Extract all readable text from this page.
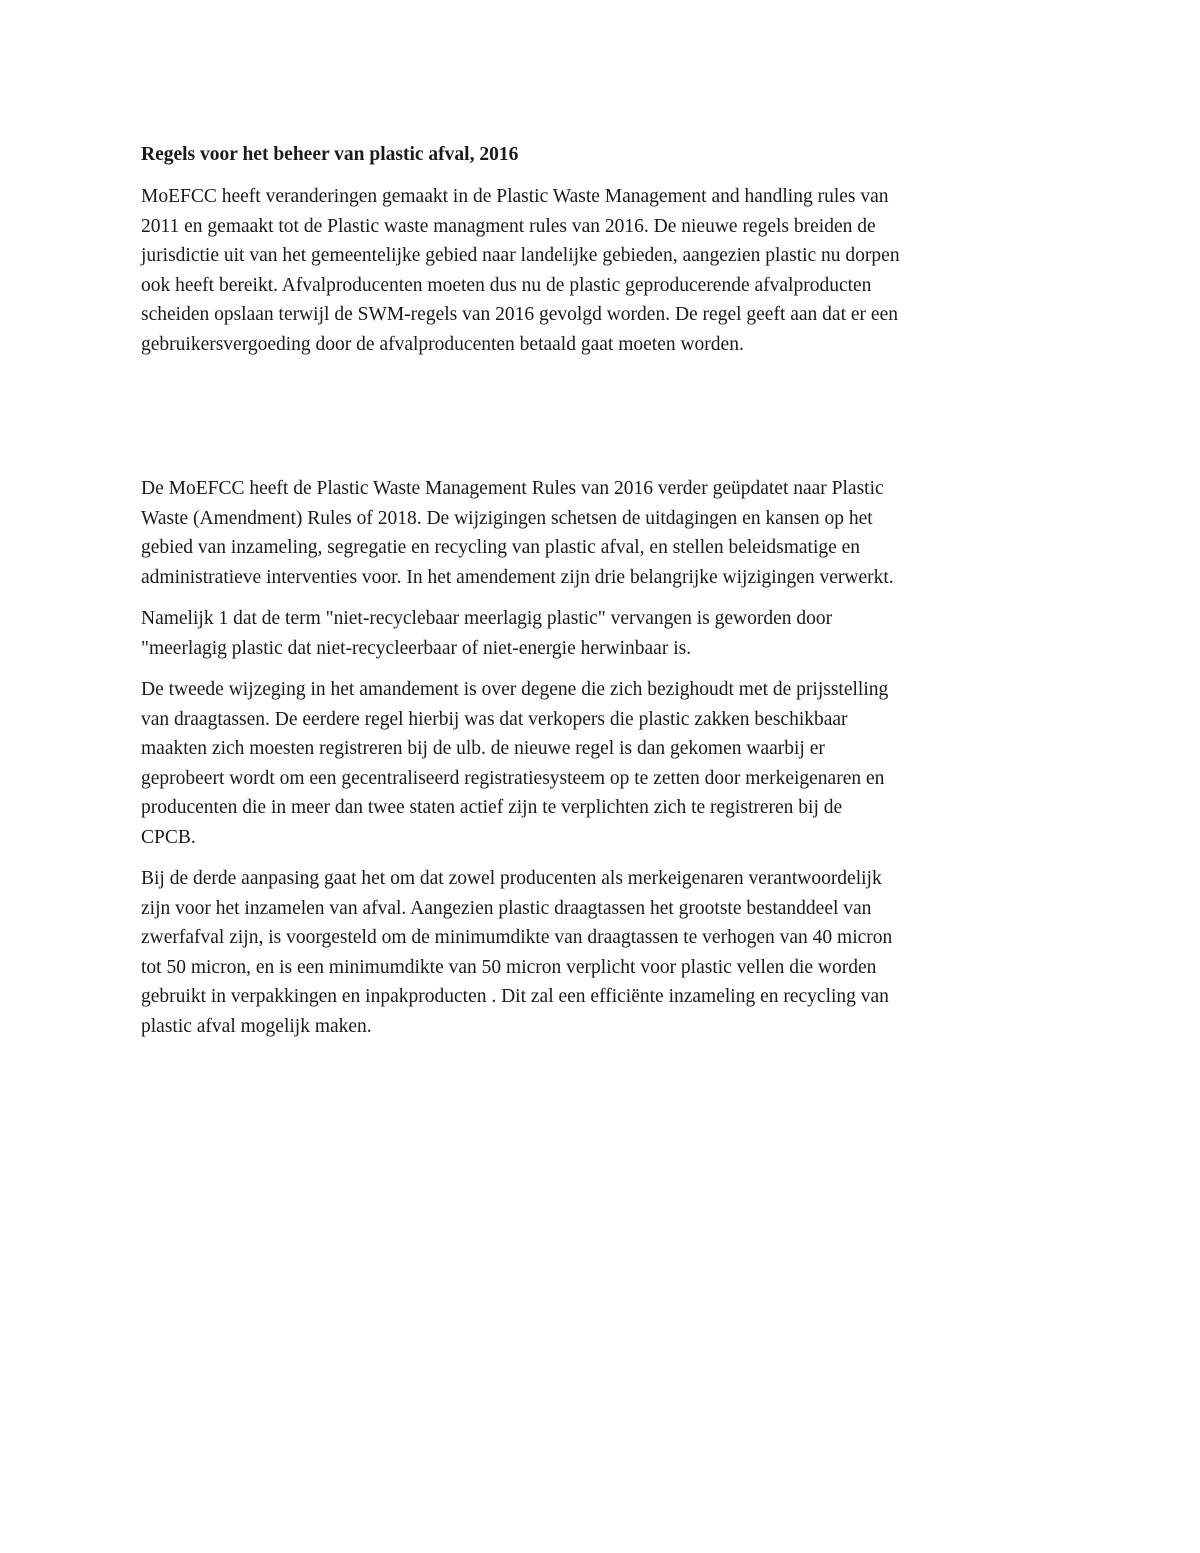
Regels voor het beheer van plastic afval, 2016
MoEFCC heeft veranderingen gemaakt in de Plastic Waste Management and handling rules van
2011 en gemaakt tot de Plastic waste managment rules van 2016. De nieuwe regels breiden de
jurisdictie uit van het gemeentelijke gebied naar landelijke gebieden, aangezien plastic nu dorpen
ook heeft bereikt. Afvalproducenten moeten dus nu de plastic geproducerende afvalproducten
scheiden opslaan terwijl de SWM-regels van 2016 gevolgd worden. De regel geeft aan dat er een
gebruikersvergoeding door de afvalproducenten betaald gaat moeten worden.
De MoEFCC heeft de Plastic Waste Management Rules van 2016 verder geüpdatet naar Plastic
Waste (Amendment) Rules of 2018. De wijzigingen schetsen de uitdagingen en kansen op het
gebied van inzameling, segregatie en recycling van plastic afval, en stellen beleidsmatige en
administratieve interventies voor. In het amendement zijn drie belangrijke wijzigingen verwerkt.
Namelijk 1 dat de term "niet-recyclebaar meerlagig plastic" vervangen is geworden door
"meerlagig plastic dat niet-recycleerbaar of niet-energie herwinbaar is.
De tweede wijzeging in het amandement is over degene die zich bezighoudt met de prijsstelling
van draagtassen. De eerdere regel hierbij was dat verkopers die plastic zakken beschikbaar
maakten zich moesten registreren bij de ulb. de nieuwe regel is dan gekomen waarbij er
geprobeert wordt om een gecentraliseerd registratiesysteem op te zetten door merkeigenaren en
producenten die in meer dan twee staten actief zijn te verplichten zich te registreren bij de
CPCB.
Bij de derde aanpasing gaat het om dat zowel producenten als merkeigenaren verantwoordelijk
zijn voor het inzamelen van afval. Aangezien plastic draagtassen het grootste bestanddeel van
zwerfafval zijn, is voorgesteld om de minimumdikte van draagtassen te verhogen van 40 micron
tot 50 micron, en is een minimumdikte van 50 micron verplicht voor plastic vellen die worden
gebruikt in verpakkingen en inpakproducten . Dit zal een efficiënte inzameling en recycling van
plastic afval mogelijk maken.
